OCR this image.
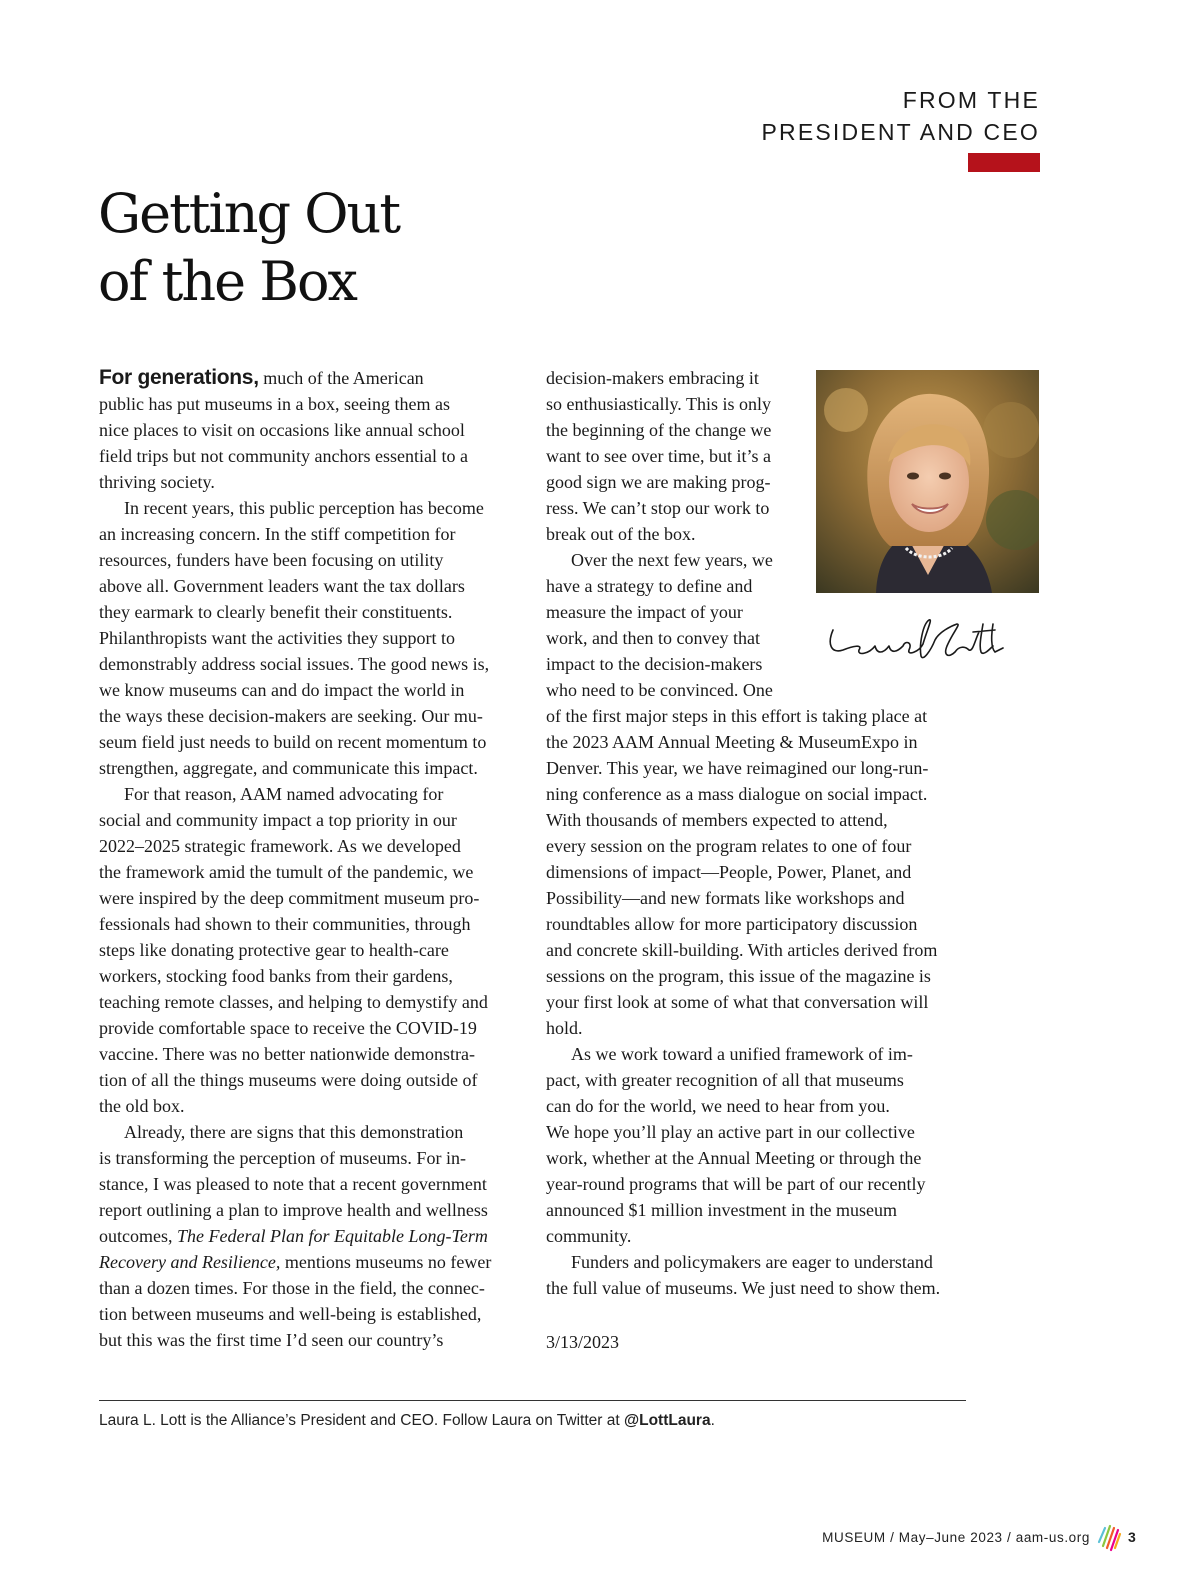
FROM THE
PRESIDENT AND CEO
Getting Out
of the Box
For generations, much of the American
public has put museums in a box, seeing them as
nice places to visit on occasions like annual school
field trips but not community anchors essential to a
thriving society.
In recent years, this public perception has become
an increasing concern. In the stiff competition for
resources, funders have been focusing on utility
above all. Government leaders want the tax dollars
they earmark to clearly benefit their constituents.
Philanthropists want the activities they support to
demonstrably address social issues. The good news is,
we know museums can and do impact the world in
the ways these decision-makers are seeking. Our mu-
seum field just needs to build on recent momentum to
strengthen, aggregate, and communicate this impact.
For that reason, AAM named advocating for
social and community impact a top priority in our
2022–2025 strategic framework. As we developed
the framework amid the tumult of the pandemic, we
were inspired by the deep commitment museum pro-
fessionals had shown to their communities, through
steps like donating protective gear to health-care
workers, stocking food banks from their gardens,
teaching remote classes, and helping to demystify and
provide comfortable space to receive the COVID-19
vaccine. There was no better nationwide demonstra-
tion of all the things museums were doing outside of
the old box.
Already, there are signs that this demonstration
is transforming the perception of museums. For in-
stance, I was pleased to note that a recent government
report outlining a plan to improve health and wellness
outcomes, The Federal Plan for Equitable Long-Term
Recovery and Resilience, mentions museums no fewer
than a dozen times. For those in the field, the connec-
tion between museums and well-being is established,
but this was the first time I’d seen our country’s
decision-makers embracing it
so enthusiastically. This is only
the beginning of the change we
want to see over time, but it’s a
good sign we are making prog-
ress. We can’t stop our work to
break out of the box.
Over the next few years, we
have a strategy to define and
measure the impact of your
work, and then to convey that
impact to the decision-makers
who need to be convinced. One
of the first major steps in this effort is taking place at
the 2023 AAM Annual Meeting & MuseumExpo in
Denver. This year, we have reimagined our long-run-
ning conference as a mass dialogue on social impact.
With thousands of members expected to attend,
every session on the program relates to one of four
dimensions of impact—People, Power, Planet, and
Possibility—and new formats like workshops and
roundtables allow for more participatory discussion
and concrete skill-building. With articles derived from
sessions on the program, this issue of the magazine is
your first look at some of what that conversation will
hold.
As we work toward a unified framework of im-
pact, with greater recognition of all that museums
can do for the world, we need to hear from you.
We hope you’ll play an active part in our collective
work, whether at the Annual Meeting or through the
year-round programs that will be part of our recently
announced $1 million investment in the museum
community.
Funders and policymakers are eager to understand
the full value of museums. We just need to show them.
3/13/2023
Laura L. Lott is the Alliance’s President and CEO. Follow Laura on Twitter at @LottLaura.
MUSEUM / May–June 2023 / aam-us.org	3
